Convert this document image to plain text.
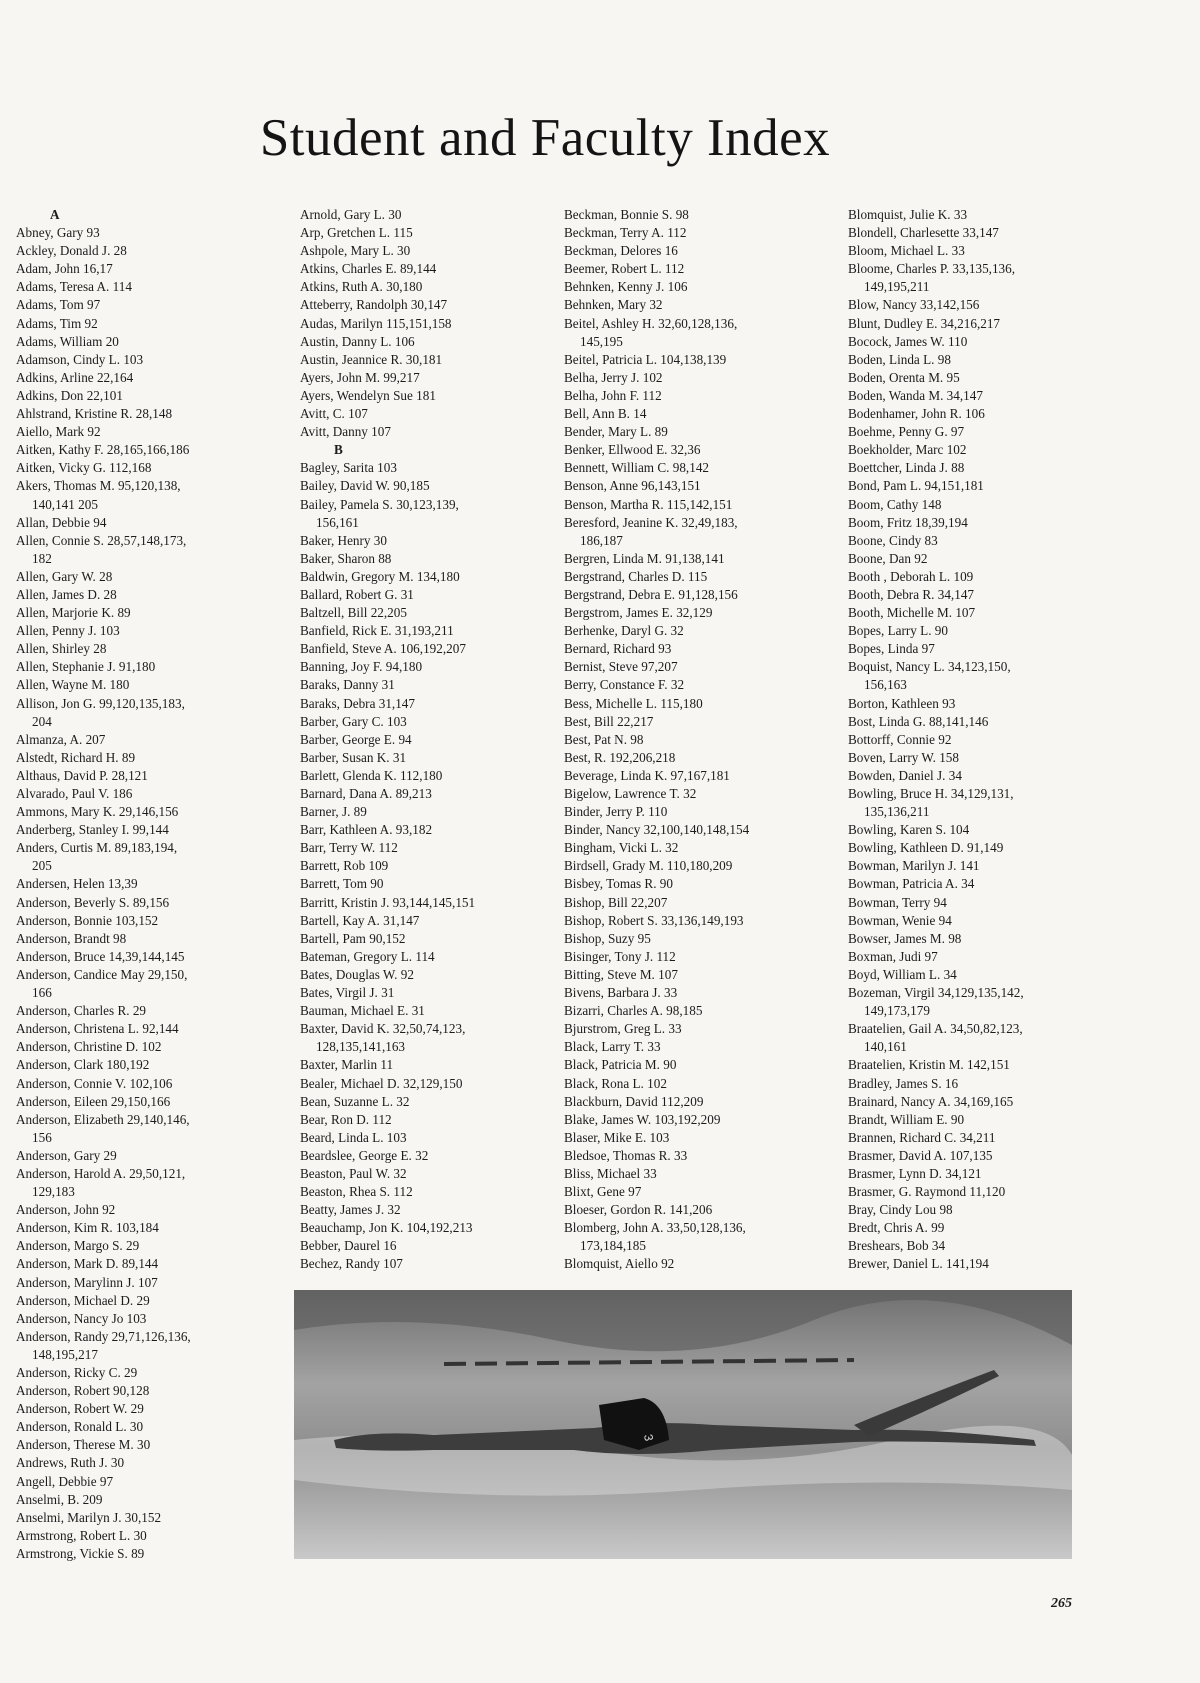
Student and Faculty Index
A
Abney, Gary 93
Ackley, Donald J. 28
Adam, John 16,17
Adams, Teresa A. 114
Adams, Tom 97
Adams, Tim 92
Adams, William 20
Adamson, Cindy L. 103
Adkins, Arline 22,164
Adkins, Don 22,101
Ahlstrand, Kristine R. 28,148
Aiello, Mark 92
Aitken, Kathy F. 28,165,166,186
Aitken, Vicky G. 112,168
Akers, Thomas M. 95,120,138,
140,141 205
Allan, Debbie 94
Allen, Connie S. 28,57,148,173,
182
Allen, Gary W. 28
Allen, James D. 28
Allen, Marjorie K. 89
Allen, Penny J. 103
Allen, Shirley 28
Allen, Stephanie J. 91,180
Allen, Wayne M. 180
Allison, Jon G. 99,120,135,183,
204
Almanza, A. 207
Alstedt, Richard H. 89
Althaus, David P. 28,121
Alvarado, Paul V. 186
Ammons, Mary K. 29,146,156
Anderberg, Stanley I. 99,144
Anders, Curtis M. 89,183,194,
205
Andersen, Helen 13,39
Anderson, Beverly S. 89,156
Anderson, Bonnie 103,152
Anderson, Brandt 98
Anderson, Bruce 14,39,144,145
Anderson, Candice May 29,150,
166
Anderson, Charles R. 29
Anderson, Christena L. 92,144
Anderson, Christine D. 102
Anderson, Clark 180,192
Anderson, Connie V. 102,106
Anderson, Eileen 29,150,166
Anderson, Elizabeth 29,140,146,
156
Anderson, Gary 29
Anderson, Harold A. 29,50,121,
129,183
Anderson, John 92
Anderson, Kim R. 103,184
Anderson, Margo S. 29
Anderson, Mark D. 89,144
Anderson, Marylinn J. 107
Anderson, Michael D. 29
Anderson, Nancy Jo 103
Anderson, Randy 29,71,126,136,
148,195,217
Anderson, Ricky C. 29
Anderson, Robert 90,128
Anderson, Robert W. 29
Anderson, Ronald L. 30
Anderson, Therese M. 30
Andrews, Ruth J. 30
Angell, Debbie 97
Anselmi, B. 209
Anselmi, Marilyn J. 30,152
Armstrong, Robert L. 30
Armstrong, Vickie S. 89
Arnold, Gary L. 30
Arp, Gretchen L. 115
Ashpole, Mary L. 30
Atkins, Charles E. 89,144
Atkins, Ruth A. 30,180
Atteberry, Randolph 30,147
Audas, Marilyn 115,151,158
Austin, Danny L. 106
Austin, Jeannice R. 30,181
Ayers, John M. 99,217
Ayers, Wendelyn Sue 181
Avitt, C. 107
Avitt, Danny 107
B
Bagley, Sarita 103
Bailey, David W. 90,185
Bailey, Pamela S. 30,123,139,
156,161
Baker, Henry 30
Baker, Sharon 88
Baldwin, Gregory M. 134,180
Ballard, Robert G. 31
Baltzell, Bill 22,205
Banfield, Rick E. 31,193,211
Banfield, Steve A. 106,192,207
Banning, Joy F. 94,180
Baraks, Danny 31
Baraks, Debra 31,147
Barber, Gary C. 103
Barber, George E. 94
Barber, Susan K. 31
Barlett, Glenda K. 112,180
Barnard, Dana A. 89,213
Barner, J. 89
Barr, Kathleen A. 93,182
Barr, Terry W. 112
Barrett, Rob 109
Barrett, Tom 90
Barritt, Kristin J. 93,144,145,151
Bartell, Kay A. 31,147
Bartell, Pam 90,152
Bateman, Gregory L. 114
Bates, Douglas W. 92
Bates, Virgil J. 31
Bauman, Michael E. 31
Baxter, David K. 32,50,74,123,
128,135,141,163
Baxter, Marlin 11
Bealer, Michael D. 32,129,150
Bean, Suzanne L. 32
Bear, Ron D. 112
Beard, Linda L. 103
Beardslee, George E. 32
Beaston, Paul W. 32
Beaston, Rhea S. 112
Beatty, James J. 32
Beauchamp, Jon K. 104,192,213
Bebber, Daurel 16
Bechez, Randy 107
Beckman, Bonnie S. 98
Beckman, Terry A. 112
Beckman, Delores 16
Beemer, Robert L. 112
Behnken, Kenny J. 106
Behnken, Mary 32
Beitel, Ashley H. 32,60,128,136,
145,195
Beitel, Patricia L. 104,138,139
Belha, Jerry J. 102
Belha, John F. 112
Bell, Ann B. 14
Bender, Mary L. 89
Benker, Ellwood E. 32,36
Bennett, William C. 98,142
Benson, Anne 96,143,151
Benson, Martha R. 115,142,151
Beresford, Jeanine K. 32,49,183,
186,187
Bergren, Linda M. 91,138,141
Bergstrand, Charles D. 115
Bergstrand, Debra E. 91,128,156
Bergstrom, James E. 32,129
Berhenke, Daryl G. 32
Bernard, Richard 93
Bernist, Steve 97,207
Berry, Constance F. 32
Bess, Michelle L. 115,180
Best, Bill 22,217
Best, Pat N. 98
Best, R. 192,206,218
Beverage, Linda K. 97,167,181
Bigelow, Lawrence T. 32
Binder, Jerry P. 110
Binder, Nancy 32,100,140,148,154
Bingham, Vicki L. 32
Birdsell, Grady M. 110,180,209
Bisbey, Tomas R. 90
Bishop, Bill 22,207
Bishop, Robert S. 33,136,149,193
Bishop, Suzy 95
Bisinger, Tony J. 112
Bitting, Steve M. 107
Bivens, Barbara J. 33
Bizarri, Charles A. 98,185
Bjurstrom, Greg L. 33
Black, Larry T. 33
Black, Patricia M. 90
Black, Rona L. 102
Blackburn, David 112,209
Blake, James W. 103,192,209
Blaser, Mike E. 103
Bledsoe, Thomas R. 33
Bliss, Michael 33
Blixt, Gene 97
Bloeser, Gordon R. 141,206
Blomberg, John A. 33,50,128,136,
173,184,185
Blomquist, Aiello 92
Blomquist, Julie K. 33
Blondell, Charlesette 33,147
Bloom, Michael L. 33
Bloome, Charles P. 33,135,136,
149,195,211
Blow, Nancy 33,142,156
Blunt, Dudley E. 34,216,217
Bocock, James W. 110
Boden, Linda L. 98
Boden, Orenta M. 95
Boden, Wanda M. 34,147
Bodenhamer, John R. 106
Boehme, Penny G. 97
Boekholder, Marc 102
Boettcher, Linda J. 88
Bond, Pam L. 94,151,181
Boom, Cathy 148
Boom, Fritz 18,39,194
Boone, Cindy 83
Boone, Dan 92
Booth , Deborah L. 109
Booth, Debra R. 34,147
Booth, Michelle M. 107
Bopes, Larry L. 90
Bopes, Linda 97
Boquist, Nancy L. 34,123,150,
156,163
Borton, Kathleen 93
Bost, Linda G. 88,141,146
Bottorff, Connie 92
Boven, Larry W. 158
Bowden, Daniel J. 34
Bowling, Bruce H. 34,129,131,
135,136,211
Bowling, Karen S. 104
Bowling, Kathleen D. 91,149
Bowman, Marilyn J. 141
Bowman, Patricia A. 34
Bowman, Terry 94
Bowman, Wenie 94
Bowser, James M. 98
Boxman, Judi 97
Boyd, William L. 34
Bozeman, Virgil 34,129,135,142,
149,173,179
Braatelien, Gail A. 34,50,82,123,
140,161
Braatelien, Kristin M. 142,151
Bradley, James S. 16
Brainard, Nancy A. 34,169,165
Brandt, William E. 90
Brannen, Richard C. 34,211
Brasmer, David A. 107,135
Brasmer, Lynn D. 34,121
Brasmer, G. Raymond 11,120
Bray, Cindy Lou 98
Bredt, Chris A. 99
Breshears, Bob 34
Brewer, Daniel L. 141,194
3
265
